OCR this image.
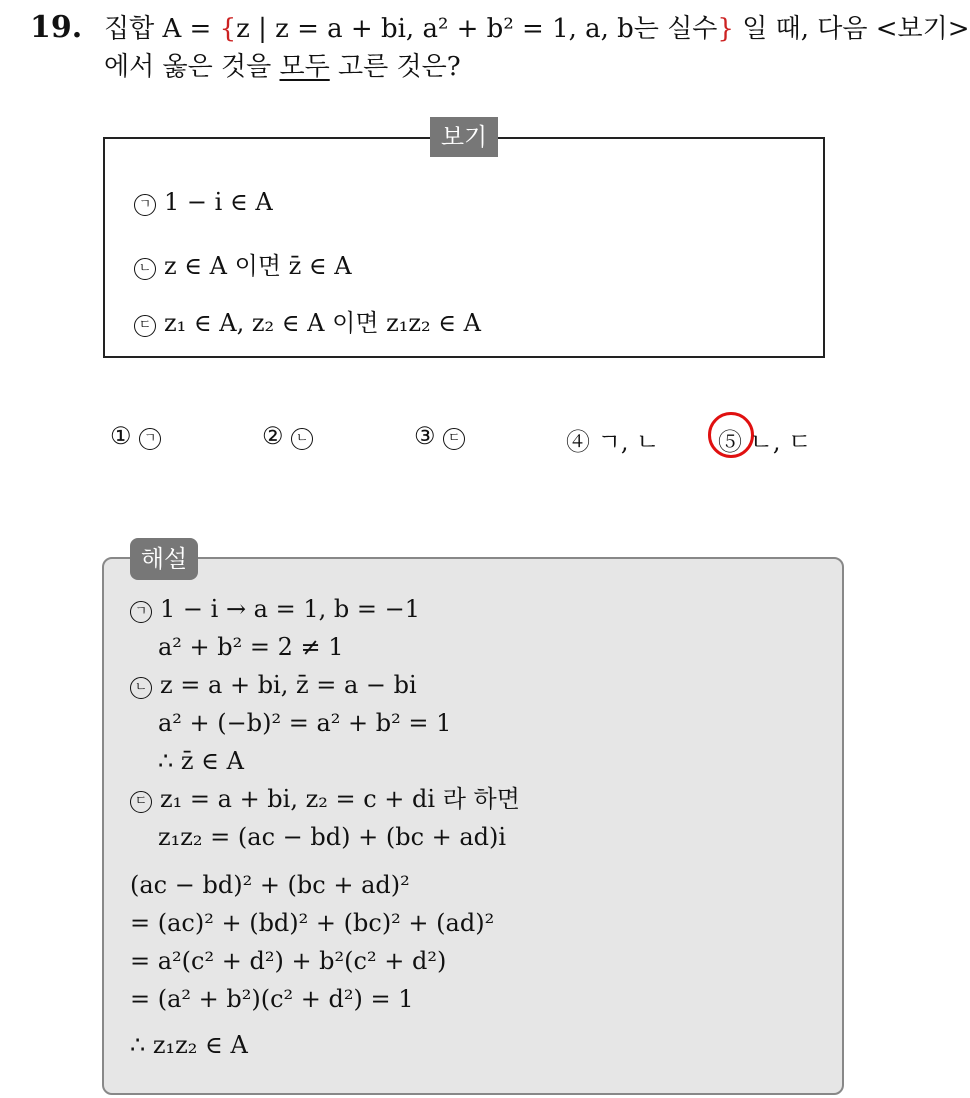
19. 집합 A = {z | z = a + bi, a² + b² = 1, a, b는 실수} 일 때, 다음 <보기>
에서 옳은 것을 모두 고른 것은?
보기
ㄱ 1 − i ∈ A
ㄴ z ∈ A 이면 z̄ ∈ A
ㄷ z₁ ∈ A, z₂ ∈ A 이면 z₁z₂ ∈ A
① ㄱ	② ㄴ	③ ㄷ	④ ㄱ, ㄴ ⑤ ㄴ, ㄷ
해설
ㄱ 1 − i → a = 1, b = −1
a² + b² = 2 ≠ 1
ㄴ z = a + bi, z̄ = a − bi
a² + (−b)² = a² + b² = 1
∴ z̄ ∈ A
ㄷ z₁ = a + bi, z₂ = c + di 라 하면
z₁z₂ = (ac − bd) + (bc + ad)i
(ac − bd)² + (bc + ad)²
= (ac)² + (bd)² + (bc)² + (ad)²
= a²(c² + d²) + b²(c² + d²)
= (a² + b²)(c² + d²) = 1
∴ z₁z₂ ∈ A
